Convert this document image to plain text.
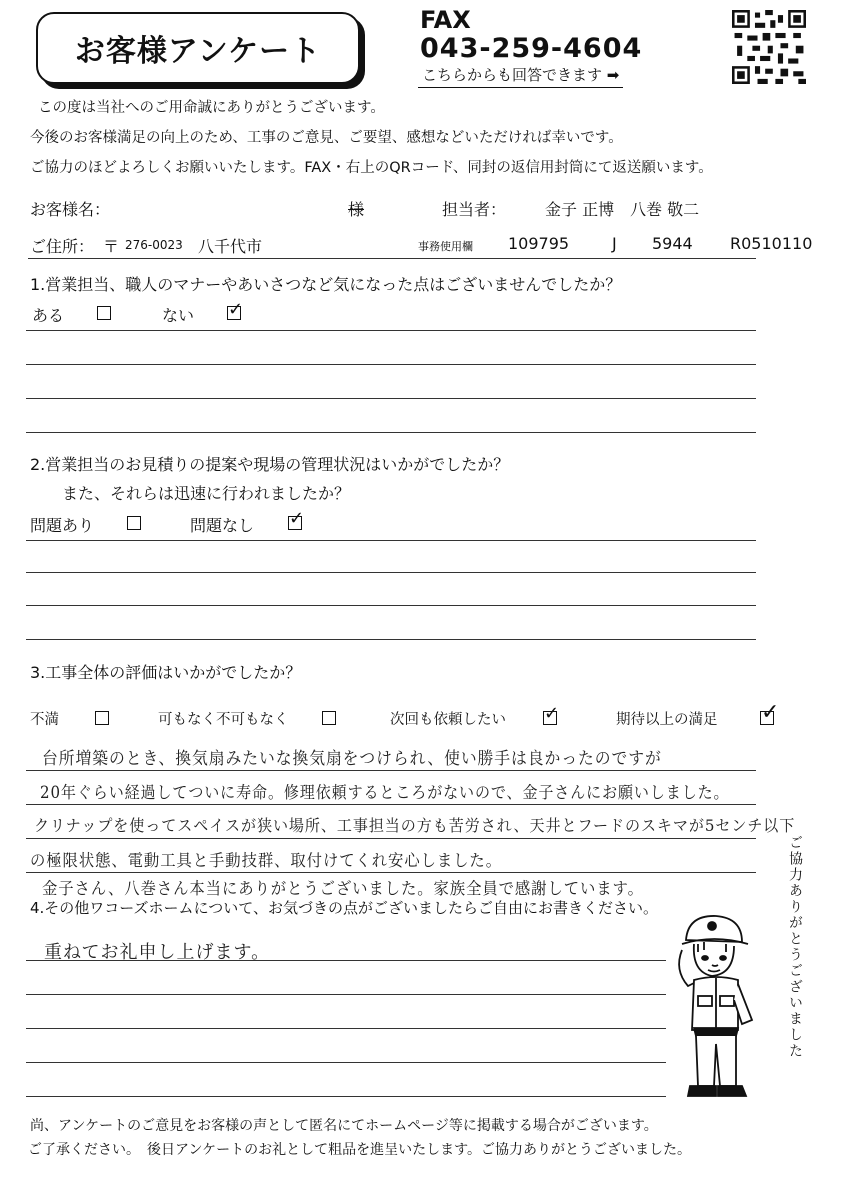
お客様アンケート
FAX
043-259-4604
こちらからも回答できます ➡
この度は当社へのご用命誠にありがとうございます。
今後のお客様満足の向上のため、工事のご意見、ご要望、感想などいただければ幸いです。
ご協力のほどよろしくお願いいたします。FAX・右上のQRコード、同封の返信用封筒にて返送願います。
お客様名：	様	担当者： 金子 正博　八巻 敬二
ご住所： 〒 276-0023 八千代市	事務使用欄 109795	J 5944 R0510110
1.営業担当、職人のマナーやあいさつなど気になった点はございませんでしたか？
ある	ない ✓
2.営業担当のお見積りの提案や現場の管理状況はいかがでしたか？
また、それらは迅速に行われましたか？
問題あり	問題なし ✓
3.工事全体の評価はいかがでしたか？
不満	可もなく不可もなく	次回も依頼したい ✓	期待以上の満足 ✓
台所増築のとき、換気扇みたいな換気扇をつけられ、使い勝手は良かったのですが
20年ぐらい経過してついに寿命。修理依頼するところがないので、金子さんにお願いしました。
クリナップを使ってスペイスが狭い場所、工事担当の方も苦労され、天井とフードのスキマが5センチ以下
の極限状態、電動工具と手動技群、取付けてくれ安心しました。
金子さん、八巻さん本当にありがとうございました。家族全員で感謝しています。
4.その他ワコーズホームについて、お気づきの点がございましたらご自由にお書きください。
重ねてお礼申し上げます。	ご協力ありがとうございました
尚、アンケートのご意見をお客様の声として匿名にてホームページ等に掲載する場合がございます。
ご了承ください。　後日アンケートのお礼として粗品を進呈いたします。ご協力ありがとうございました。
